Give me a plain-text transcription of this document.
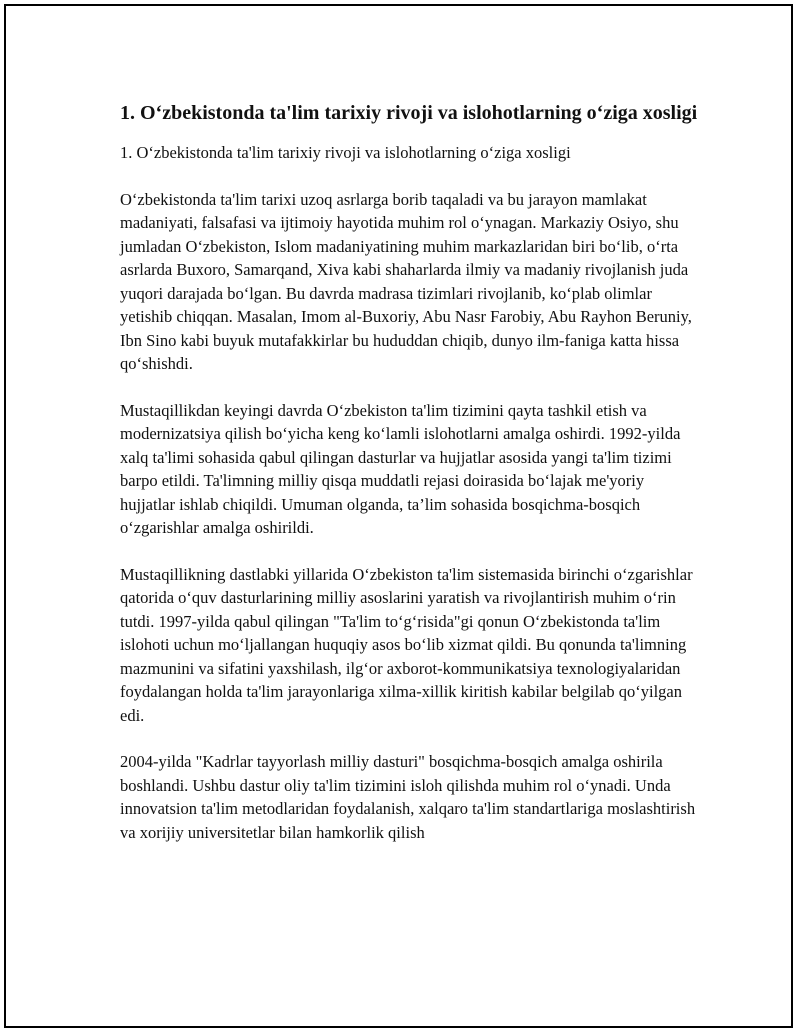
1. O‘zbekistonda ta'lim tarixiy rivoji va islohotlarning o‘ziga xosligi
1. O‘zbekistonda ta'lim tarixiy rivoji va islohotlarning o‘ziga xosligi

O‘zbekistonda ta'lim tarixi uzoq asrlarga borib taqaladi va bu jarayon mamlakat madaniyati, falsafasi va ijtimoiy hayotida muhim rol o‘ynagan. Markaziy Osiyo, shu jumladan O‘zbekiston, Islom madaniyatining muhim markazlaridan biri bo‘lib, o‘rta asrlarda Buxoro, Samarqand, Xiva kabi shaharlarda ilmiy va madaniy rivojlanish juda yuqori darajada bo‘lgan. Bu davrda madrasa tizimlari rivojlanib, ko‘plab olimlar yetishib chiqqan. Masalan, Imom al-Buxoriy, Abu Nasr Farobiy, Abu Rayhon Beruniy, Ibn Sino kabi buyuk mutafakkirlar bu hududdan chiqib, dunyo ilm-faniga katta hissa qo‘shishdi.

Mustaqillikdan keyingi davrda O‘zbekiston ta'lim tizimini qayta tashkil etish va modernizatsiya qilish bo‘yicha keng ko‘lamli islohotlarni amalga oshirdi. 1992-yilda xalq ta'limi sohasida qabul qilingan dasturlar va hujjatlar asosida yangi ta'lim tizimi barpo etildi. Ta'limning milliy qisqa muddatli rejasi doirasida bo‘lajak me'yoriy hujjatlar ishlab chiqildi. Umuman olganda, ta’lim sohasida bosqichma-bosqich o‘zgarishlar amalga oshirildi.

Mustaqillikning dastlabki yillarida O‘zbekiston ta'lim sistemasida birinchi o‘zgarishlar qatorida o‘quv dasturlarining milliy asoslarini yaratish va rivojlantirish muhim o‘rin tutdi. 1997-yilda qabul qilingan "Ta'lim to‘g‘risida"gi qonun O‘zbekistonda ta'lim islohoti uchun mo‘ljallangan huquqiy asos bo‘lib xizmat qildi. Bu qonunda ta'limning mazmunini va sifatini yaxshilash, ilg‘or axborot-kommunikatsiya texnologiyalaridan foydalangan holda ta'lim jarayonlariga xilma-xillik kiritish kabilar belgilab qo‘yilgan edi.

2004-yilda "Kadrlar tayyorlash milliy dasturi" bosqichma-bosqich amalga oshirila boshlandi. Ushbu dastur oliy ta'lim tizimini isloh qilishda muhim rol o‘ynadi. Unda innovatsion ta'lim metodlaridan foydalanish, xalqaro ta'lim standartlariga moslashtirish va xorijiy universitetlar bilan hamkorlik qilish
